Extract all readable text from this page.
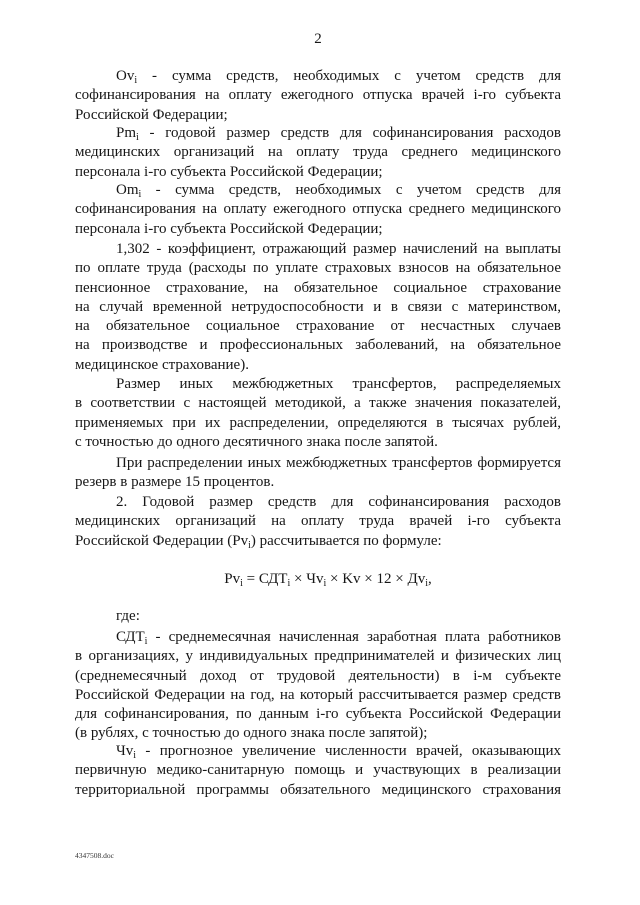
2
$Ov_i$ - сумма средств, необходимых с учетом средств для
софинансирования на оплату ежегодного отпуска врачей i-го субъекта
Российской Федерации;
$Pm_i$ - годовой размер средств для софинансирования расходов
медицинских организаций на оплату труда среднего медицинского
персонала i-го субъекта Российской Федерации;
$Om_i$ - сумма средств, необходимых с учетом средств для
софинансирования на оплату ежегодного отпуска среднего медицинского
персонала i-го субъекта Российской Федерации;
1,302 - коэффициент, отражающий размер начислений на выплаты
по оплате труда (расходы по уплате страховых взносов на обязательное
пенсионное страхование, на обязательное социальное страхование
на случай временной нетрудоспособности и в связи с материнством,
на обязательное социальное страхование от несчастных случаев
на производстве и профессиональных заболеваний, на обязательное
медицинское страхование).
Размер иных межбюджетных трансфертов, распределяемых
в соответствии с настоящей методикой, а также значения показателей,
применяемых при их распределении, определяются в тысячах рублей,
с точностью до одного десятичного знака после запятой.
При распределении иных межбюджетных трансфертов формируется
резерв в размере 15 процентов.
2. Годовой размер средств для софинансирования расходов
медицинских организаций на оплату труда врачей i-го субъекта
Российской Федерации $(Pv_i)$ рассчитывается по формуле:
$Pv_i = СДТ_i \times Чv_i \times Kv \times 12 \times Дv_i$,
где:
$СДТ_i$ - среднемесячная начисленная заработная плата работников
в организациях, у индивидуальных предпринимателей и физических лиц
(среднемесячный доход от трудовой деятельности) в i-м субъекте
Российской Федерации на год, на который рассчитывается размер средств
для софинансирования, по данным i-го субъекта Российской Федерации
(в рублях, с точностью до одного знака после запятой);
$Чv_i$ - прогнозное увеличение численности врачей, оказывающих
первичную медико-санитарную помощь и участвующих в реализации
территориальной программы обязательного медицинского страхования
4347508.doc
